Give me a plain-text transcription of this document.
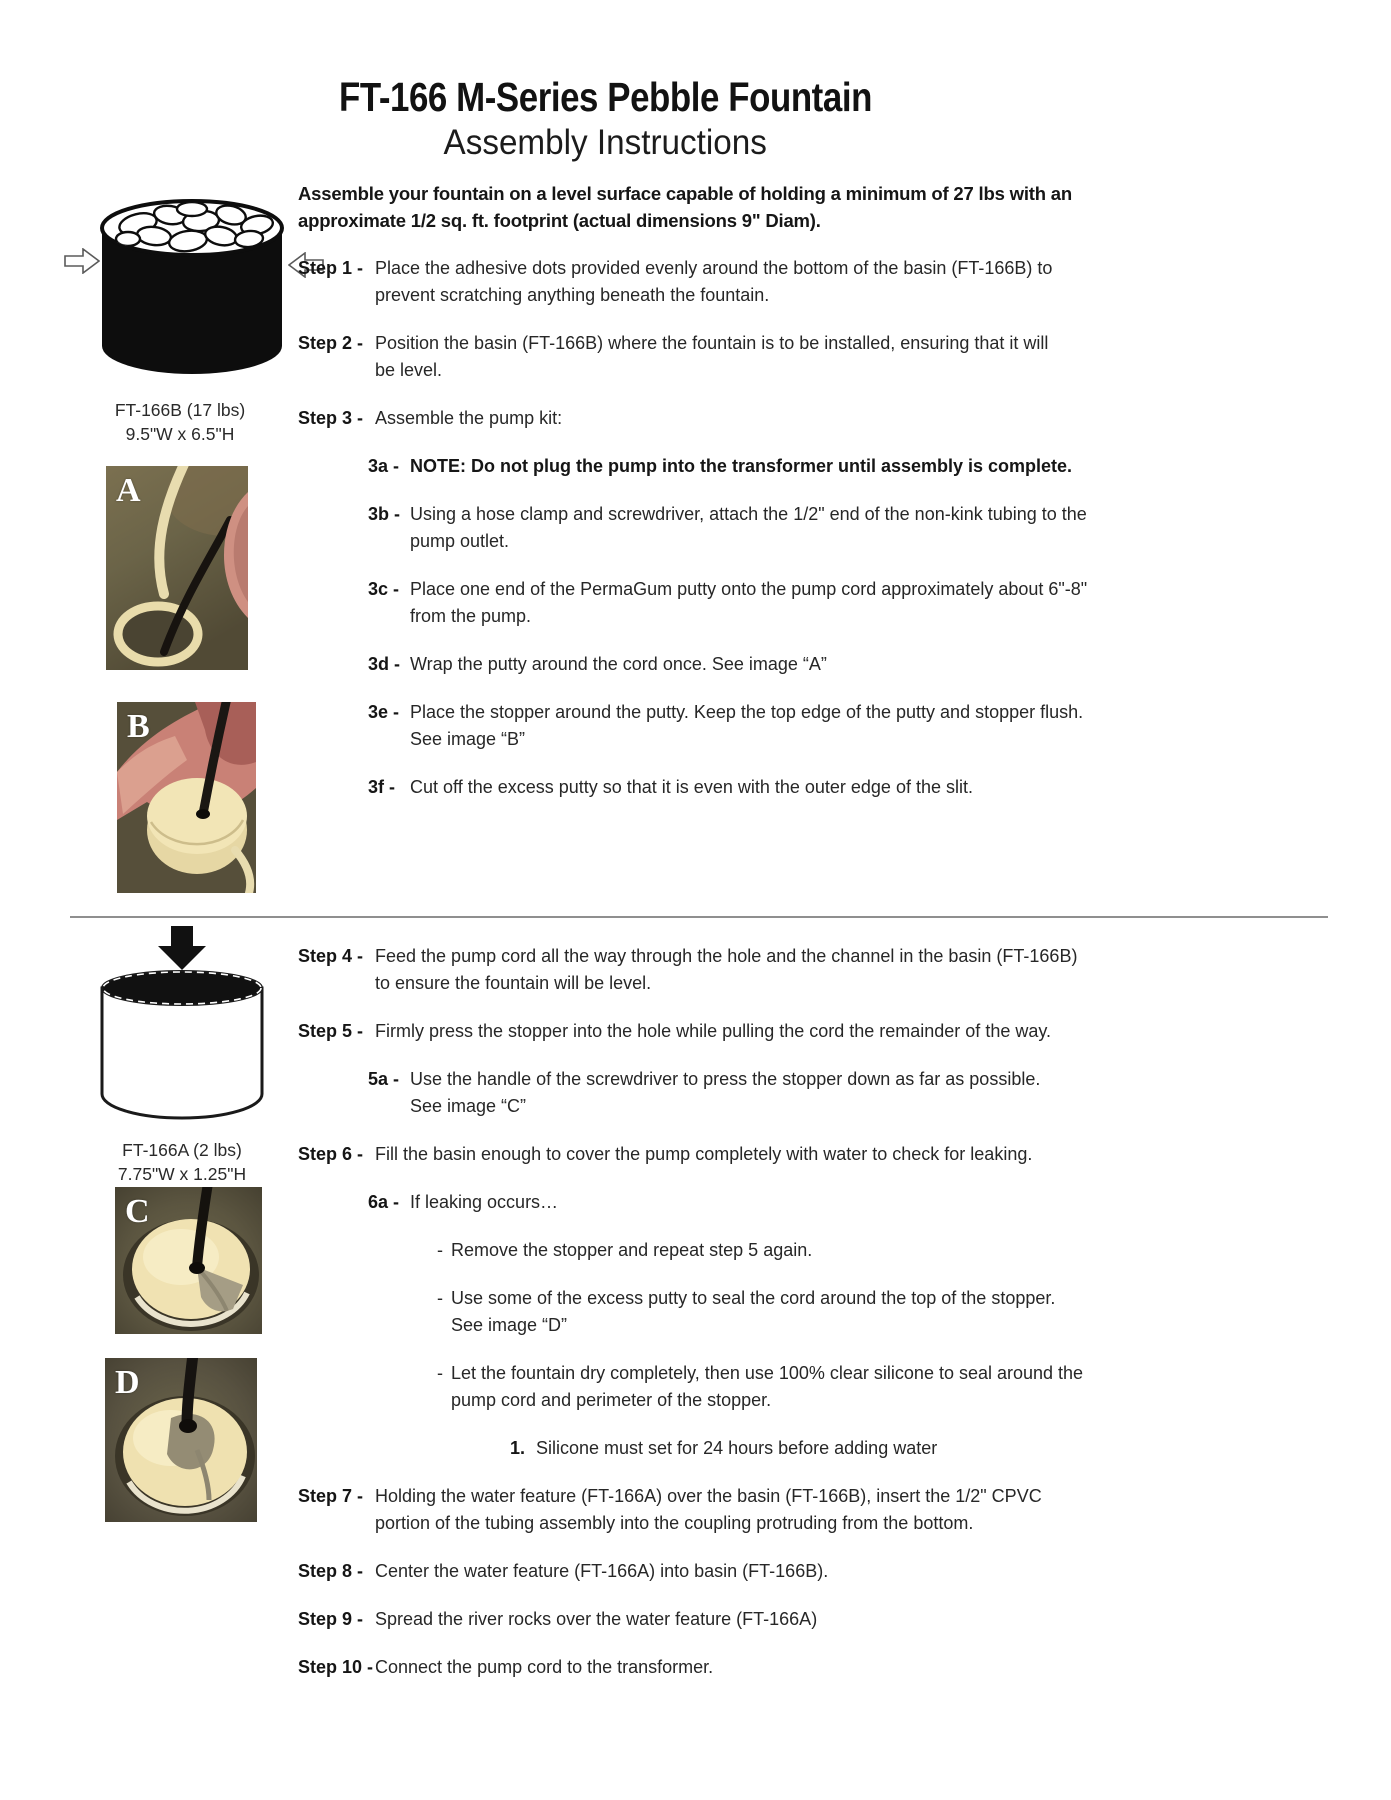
FT-166 M-Series Pebble Fountain
Assembly Instructions
FT-166B (17 lbs)
9.5"W x 6.5"H
A
B
FT-166A (2 lbs)
7.75"W x 1.25"H
C
D
Assemble your fountain on a level surface capable of holding a minimum of 27 lbs with an
approximate 1/2 sq. ft. footprint (actual dimensions 9" Diam).
Step 1 - Place the adhesive dots provided evenly around the bottom of the basin (FT-166B) to
prevent scratching anything beneath the fountain.
Step 2 - Position the basin (FT-166B) where the fountain is to be installed, ensuring that it will
be level.
Step 3 - Assemble the pump kit:
3a - NOTE: Do not plug the pump into the transformer until assembly is complete.
3b - Using a hose clamp and screwdriver, attach the 1/2" end of the non-kink tubing to the
pump outlet.
3c - Place one end of the PermaGum putty onto the pump cord approximately about 6"-8"
from the pump.
3d - Wrap the putty around the cord once. See image “A”
3e - Place the stopper around the putty. Keep the top edge of the putty and stopper flush.
See image “B”
3f - Cut off the excess putty so that it is even with the outer edge of the slit.
Step 4 - Feed the pump cord all the way through the hole and the channel in the basin (FT-166B)
to ensure the fountain will be level.
Step 5 - Firmly press the stopper into the hole while pulling the cord the remainder of the way.
5a - Use the handle of the screwdriver to press the stopper down as far as possible.
See image “C”
Step 6 - Fill the basin enough to cover the pump completely with water to check for leaking.
6a - If leaking occurs…
- Remove the stopper and repeat step 5 again.
- Use some of the excess putty to seal the cord around the top of the stopper.
See image “D”
- Let the fountain dry completely, then use 100% clear silicone to seal around the
pump cord and perimeter of the stopper.
1. Silicone must set for 24 hours before adding water
Step 7 - Holding the water feature (FT-166A) over the basin (FT-166B), insert the 1/2" CPVC
portion of the tubing assembly into the coupling protruding from the bottom.
Step 8 - Center the water feature (FT-166A) into basin (FT-166B).
Step 9 - Spread the river rocks over the water feature (FT-166A)
Step 10 - Connect the pump cord to the transformer.
